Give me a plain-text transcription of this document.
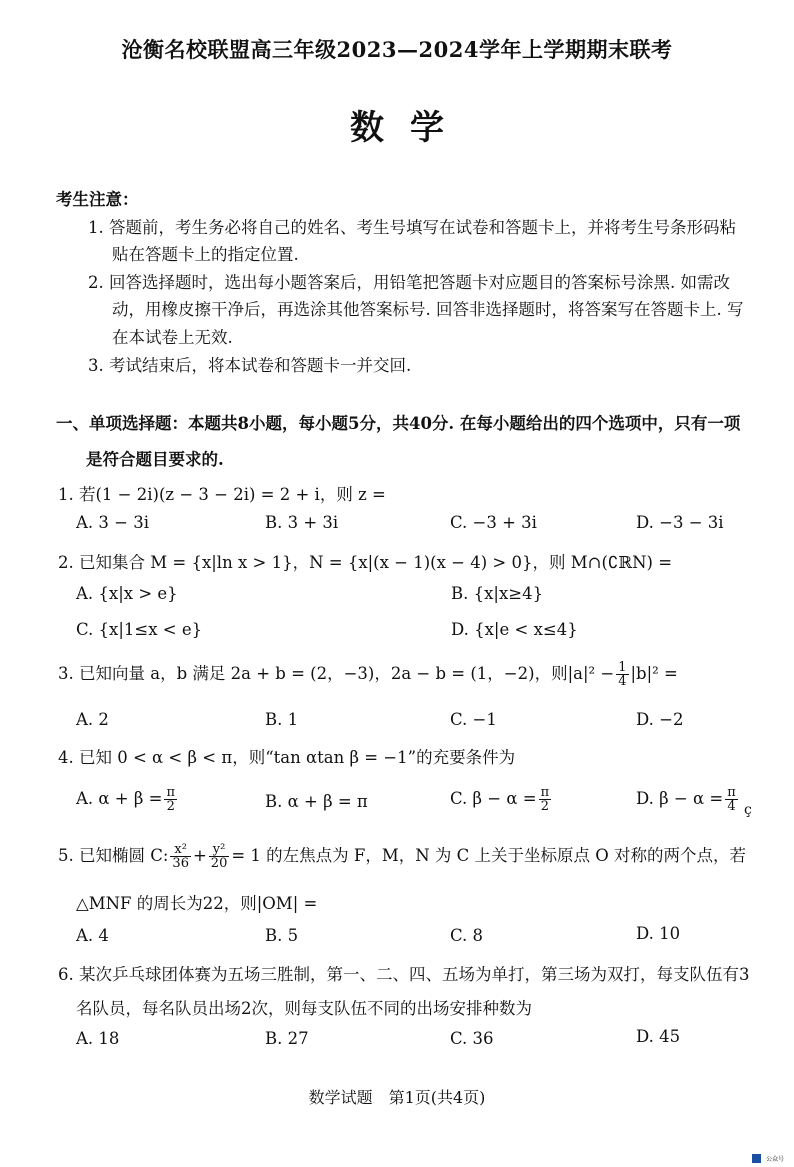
沧衡名校联盟高三年级2023—2024学年上学期期末联考
数学
考生注意：
1. 答题前，考生务必将自己的姓名、考生号填写在试卷和答题卡上，并将考生号条形码粘
贴在答题卡上的指定位置.
2. 回答选择题时，选出每小题答案后，用铅笔把答题卡对应题目的答案标号涂黑. 如需改
动，用橡皮擦干净后，再选涂其他答案标号. 回答非选择题时，将答案写在答题卡上. 写
在本试卷上无效.
3. 考试结束后，将本试卷和答题卡一并交回.
一、单项选择题：本题共8小题，每小题5分，共40分. 在每小题给出的四个选项中，只有一项
是符合题目要求的.
1. 若(1 − 2i)(z − 3 − 2i) = 2 + i，则 z =
A. 3 − 3i	B. 3 + 3i	C. −3 + 3i	D. −3 − 3i
2. 已知集合 M = {x|ln x > 1}，N = {x|(x − 1)(x − 4) > 0}，则 M∩(∁ℝN) =
A. {x|x > e}	B. {x|x≥4}
C. {x|1≤x < e}	D. {x|e < x≤4}
3. 已知向量 a，b 满足 2a + b = (2，−3)，2a − b = (1，−2)，则$|a|^2 - \frac{1}{4} |b|^2$ =
A. 2	B. 1	C. −1	D. −2
4. 已知 0 < α < β < π，则“tan αtan β = −1”的充要条件为
A. $\alpha + \beta = \frac{\pi}{2}$	B. α + β = π	C. $\beta - \alpha = \frac{\pi}{2}$	D. $\beta - \alpha = \frac{\pi}{4}$ ç
5. 已知椭圆 C: $\frac{\text{x²}}{36} + \frac{\text{y²}}{20} = 1$ 的左焦点为 F，M，N 为 C 上关于坐标原点 O 对称的两个点，若
△MNF 的周长为22，则|OM| =
A. 4	B. 5	C. 8	D. 10
6. 某次乒乓球团体赛为五场三胜制，第一、二、四、五场为单打，第三场为双打，每支队伍有3
名队员，每名队员出场2次，则每支队伍不同的出场安排种数为
A. 18	B. 27	C. 36	D. 45
数学试题　第1页(共4页)
公众号
